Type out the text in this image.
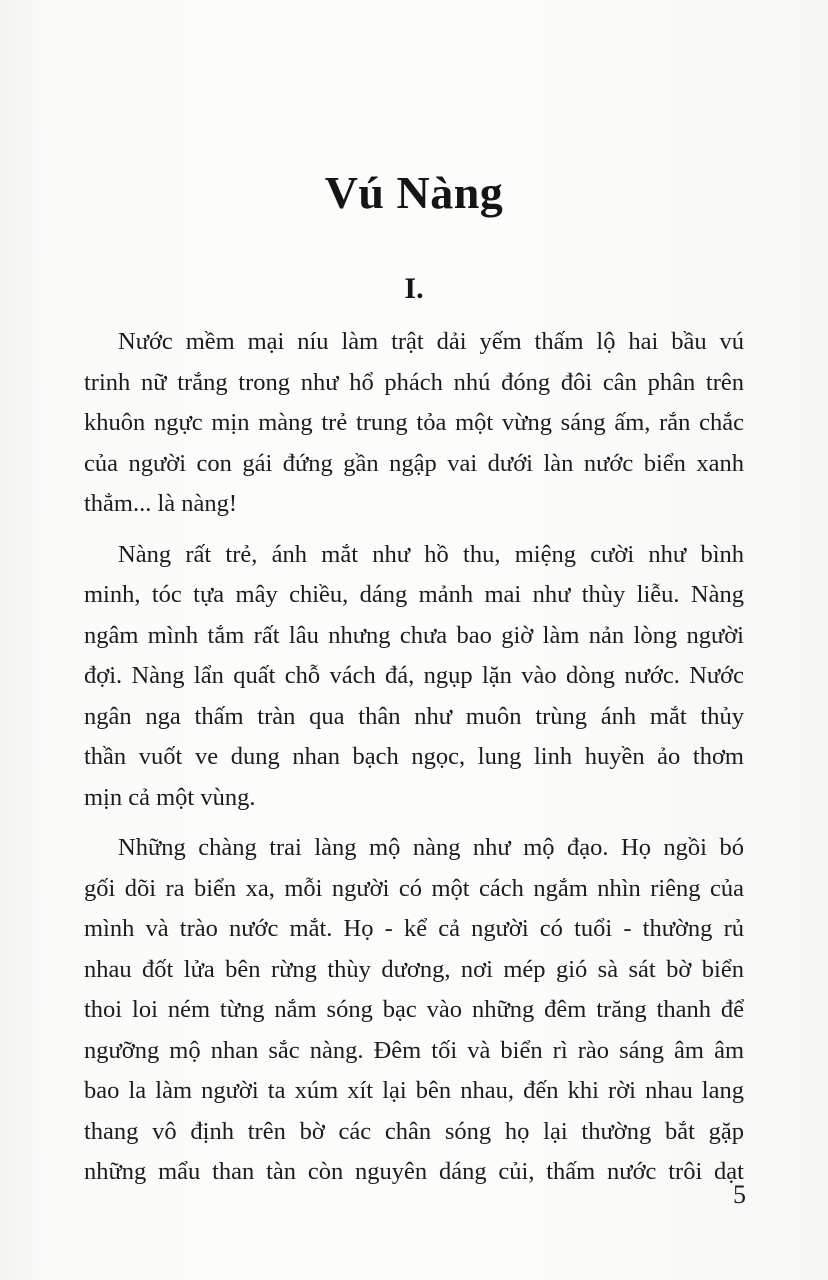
Vú Nàng
I.

Nước mềm mại níu làm trật dải yếm thấm lộ hai bầu vú
trinh nữ trắng trong như hổ phách nhú đóng đôi cân phân trên
khuôn ngực mịn màng trẻ trung tỏa một vừng sáng ấm, rắn chắc
của người con gái đứng gần ngập vai dưới làn nước biển xanh
thẳm... là nàng!

Nàng rất trẻ, ánh mắt như hồ thu, miệng cười như bình
minh, tóc tựa mây chiều, dáng mảnh mai như thùy liễu. Nàng
ngâm mình tắm rất lâu nhưng chưa bao giờ làm nản lòng người
đợi. Nàng lẩn quất chỗ vách đá, ngụp lặn vào dòng nước. Nước
ngân nga thấm tràn qua thân như muôn trùng ánh mắt thủy
thần vuốt ve dung nhan bạch ngọc, lung linh huyền ảo thơm
mịn cả một vùng.

Những chàng trai làng mộ nàng như mộ đạo. Họ ngồi bó
gối dõi ra biển xa, mỗi người có một cách ngắm nhìn riêng của
mình và trào nước mắt. Họ - kể cả người có tuổi - thường rủ
nhau đốt lửa bên rừng thùy dương, nơi mép gió sà sát bờ biển
thoi loi ném từng nắm sóng bạc vào những đêm trăng thanh để
ngưỡng mộ nhan sắc nàng. Đêm tối và biển rì rào sáng âm âm
bao la làm người ta xúm xít lại bên nhau, đến khi rời nhau lang
thang vô định trên bờ các chân sóng họ lại thường bắt gặp
những mẩu than tàn còn nguyên dáng củi, thấm nước trôi dạt

5
